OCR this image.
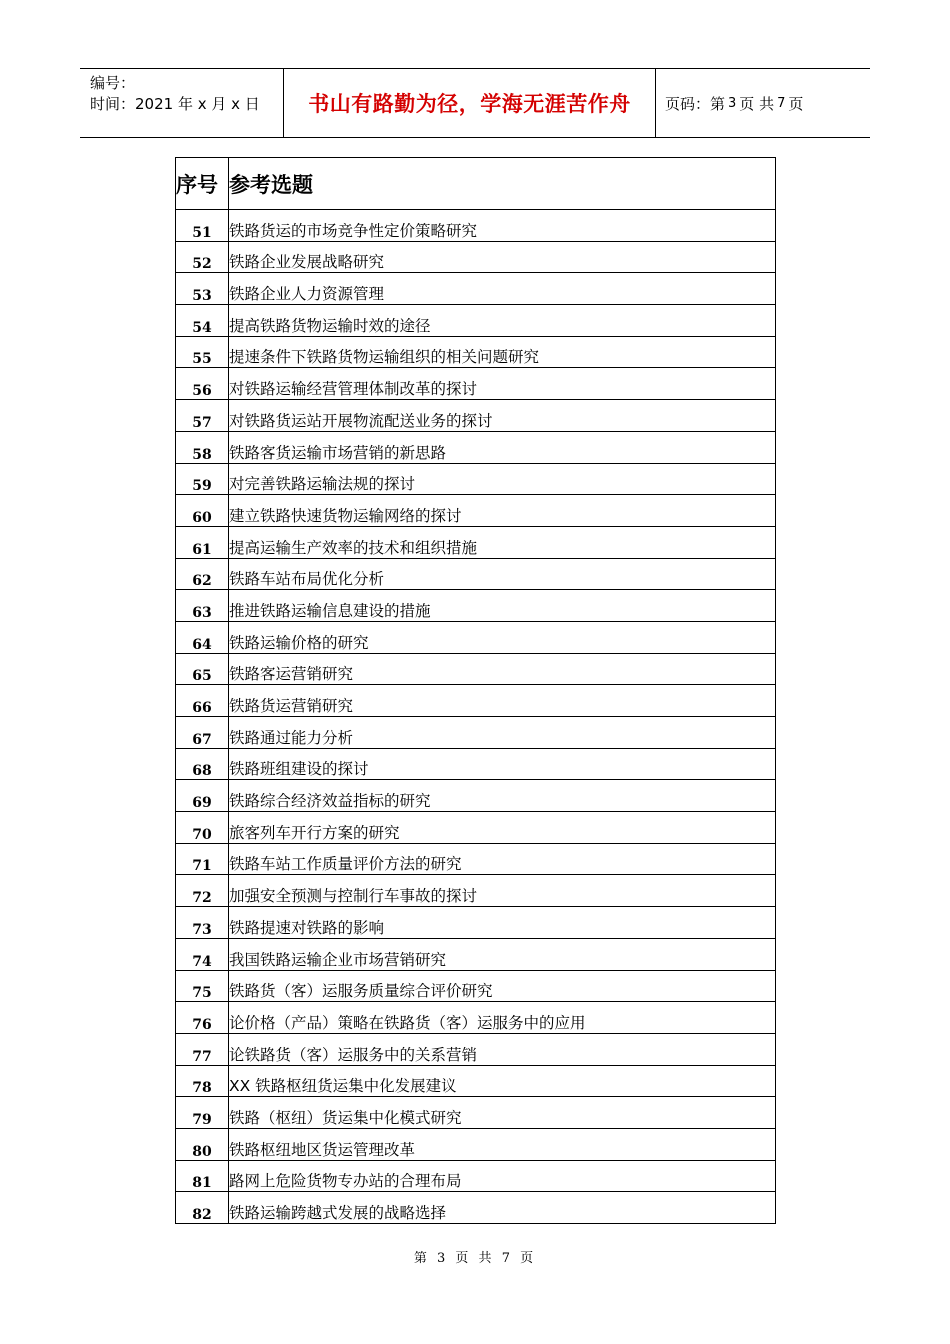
编号：
时间：2021 年 x 月 x 日	书山有路勤为径，学海无涯苦作舟	页码：第 3 页 共 7 页
序号	参考选题
51	铁路货运的市场竞争性定价策略研究
52	铁路企业发展战略研究
53	铁路企业人力资源管理
54	提高铁路货物运输时效的途径
55	提速条件下铁路货物运输组织的相关问题研究
56	对铁路运输经营管理体制改革的探讨
57	对铁路货运站开展物流配送业务的探讨
58	铁路客货运输市场营销的新思路
59	对完善铁路运输法规的探讨
60	建立铁路快速货物运输网络的探讨
61	提高运输生产效率的技术和组织措施
62	铁路车站布局优化分析
63	推进铁路运输信息建设的措施
64	铁路运输价格的研究
65	铁路客运营销研究
66	铁路货运营销研究
67	铁路通过能力分析
68	铁路班组建设的探讨
69	铁路综合经济效益指标的研究
70	旅客列车开行方案的研究
71	铁路车站工作质量评价方法的研究
72	加强安全预测与控制行车事故的探讨
73	铁路提速对铁路的影响
74	我国铁路运输企业市场营销研究
75	铁路货（客）运服务质量综合评价研究
76	论价格（产品）策略在铁路货（客）运服务中的应用
77	论铁路货（客）运服务中的关系营销
78	XX 铁路枢纽货运集中化发展建议
79	铁路（枢纽）货运集中化模式研究
80	铁路枢纽地区货运管理改革
81	路网上危险货物专办站的合理布局
82	铁路运输跨越式发展的战略选择
第 3 页 共 7 页
